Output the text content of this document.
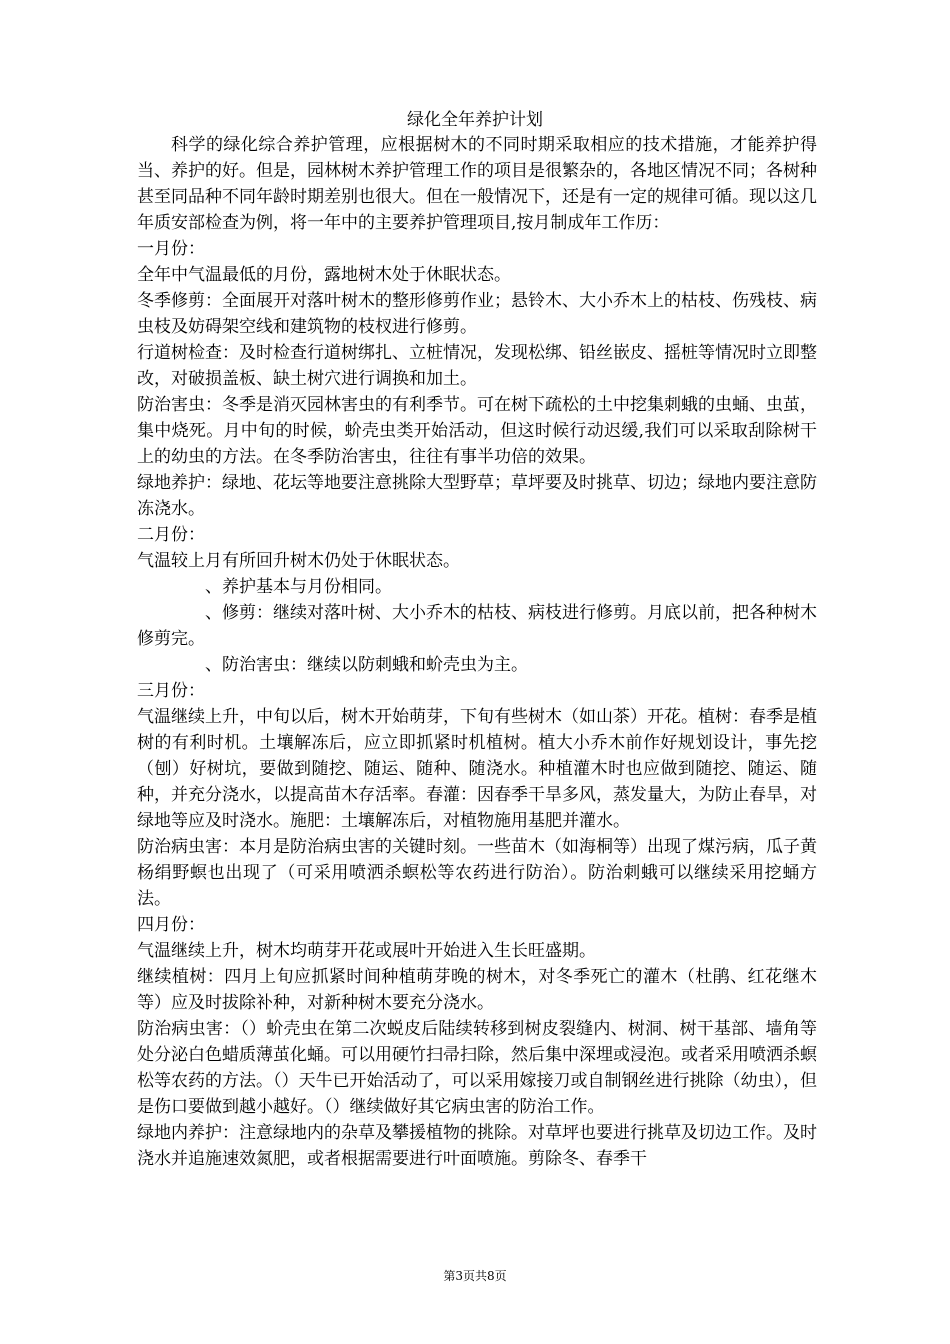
绿化全年养护计划

科学的绿化综合养护管理，应根据树木的不同时期采取相应的技术措施，才能养护得当、养护的好。但是，园林树木养护管理工作的项目是很繁杂的，各地区情况不同；各树种甚至同品种不同年龄时期差别也很大。但在一般情况下，还是有一定的规律可循。现以这几年质安部检查为例，将一年中的主要养护管理项目,按月制成年工作历：

一月份：

全年中气温最低的月份，露地树木处于休眠状态。

冬季修剪：全面展开对落叶树木的整形修剪作业；悬铃木、大小乔木上的枯枝、伤残枝、病虫枝及妨碍架空线和建筑物的枝杈进行修剪。

行道树检查：及时检查行道树绑扎、立桩情况，发现松绑、铅丝嵌皮、摇桩等情况时立即整改，对破损盖板、缺土树穴进行调换和加土。

防治害虫：冬季是消灭园林害虫的有利季节。可在树下疏松的土中挖集刺蛾的虫蛹、虫茧，集中烧死。月中旬的时候，蚧壳虫类开始活动，但这时候行动迟缓,我们可以采取刮除树干上的幼虫的方法。在冬季防治害虫，往往有事半功倍的效果。

绿地养护：绿地、花坛等地要注意挑除大型野草；草坪要及时挑草、切边；绿地内要注意防冻浇水。

二月份：

气温较上月有所回升树木仍处于休眠状态。

、养护基本与月份相同。

、修剪：继续对落叶树、大小乔木的枯枝、病枝进行修剪。月底以前，把各种树木修剪完。

、防治害虫：继续以防刺蛾和蚧壳虫为主。

三月份：

气温继续上升，中旬以后，树木开始萌芽，下旬有些树木（如山茶）开花。植树：春季是植树的有利时机。土壤解冻后，应立即抓紧时机植树。植大小乔木前作好规划设计，事先挖（刨）好树坑，要做到随挖、随运、随种、随浇水。种植灌木时也应做到随挖、随运、随种，并充分浇水，以提高苗木存活率。春灌：因春季干旱多风，蒸发量大，为防止春旱，对绿地等应及时浇水。施肥：土壤解冻后，对植物施用基肥并灌水。

防治病虫害：本月是防治病虫害的关键时刻。一些苗木（如海桐等）出现了煤污病，瓜子黄杨绢野螟也出现了（可采用喷洒杀螟松等农药进行防治）。防治刺蛾可以继续采用挖蛹方法。

四月份：

气温继续上升，树木均萌芽开花或展叶开始进入生长旺盛期。

继续植树：四月上旬应抓紧时间种植萌芽晚的树木，对冬季死亡的灌木（杜鹃、红花继木等）应及时拔除补种，对新种树木要充分浇水。

防治病虫害：（）蚧壳虫在第二次蜕皮后陆续转移到树皮裂缝内、树洞、树干基部、墙角等处分泌白色蜡质薄茧化蛹。可以用硬竹扫帚扫除，然后集中深埋或浸泡。或者采用喷洒杀螟松等农药的方法。（）天牛已开始活动了，可以采用嫁接刀或自制钢丝进行挑除（幼虫），但是伤口要做到越小越好。（）继续做好其它病虫害的防治工作。

绿地内养护：注意绿地内的杂草及攀援植物的挑除。对草坪也要进行挑草及切边工作。及时浇水并追施速效氮肥，或者根据需要进行叶面喷施。剪除冬、春季干

第3页共8页
